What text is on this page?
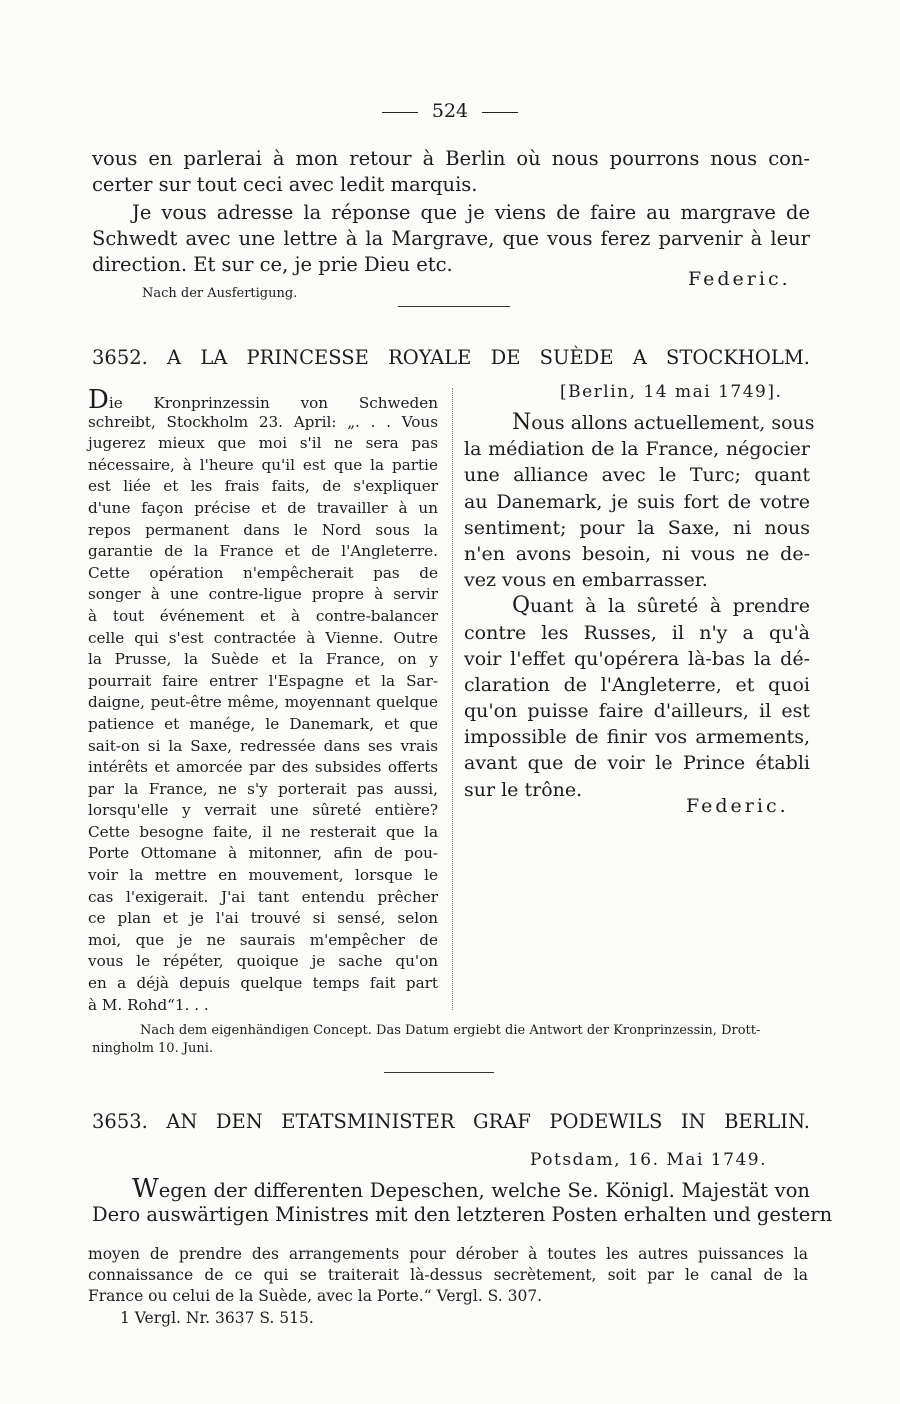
524
vous en parlerai à mon retour à Berlin où nous pourrons nous con-
certer sur tout ceci avec ledit marquis.
Je vous adresse la réponse que je viens de faire au margrave de
Schwedt avec une lettre à la Margrave, que vous ferez parvenir à leur
direction. Et sur ce, je prie Dieu etc.
Federic.
Nach der Ausfertigung.
3652. A LA PRINCESSE ROYALE DE SUÈDE A STOCKHOLM.
Die Kronprinzessin von Schweden
schreibt, Stockholm 23. April: „. . . Vous
jugerez mieux que moi s'il ne sera pas
nécessaire, à l'heure qu'il est que la partie
est liée et les frais faits, de s'expliquer
d'une façon précise et de travailler à un
repos permanent dans le Nord sous la
garantie de la France et de l'Angleterre.
Cette opération n'empêcherait pas de
songer à une contre-ligue propre à servir
à tout événement et à contre-balancer
celle qui s'est contractée à Vienne. Outre
la Prusse, la Suède et la France, on y
pourrait faire entrer l'Espagne et la Sar-
daigne, peut-être même, moyennant quelque
patience et manége, le Danemark, et que
sait-on si la Saxe, redressée dans ses vrais
intérêts et amorcée par des subsides offerts
par la France, ne s'y porterait pas aussi,
lorsqu'elle y verrait une sûreté entière?
Cette besogne faite, il ne resterait que la
Porte Ottomane à mitonner, afin de pou-
voir la mettre en mouvement, lorsque le
cas l'exigerait. J'ai tant entendu prêcher
ce plan et je l'ai trouvé si sensé, selon
moi, que je ne saurais m'empêcher de
vous le répéter, quoique je sache qu'on
en a déjà depuis quelque temps fait part
à M. Rohd“1. . .
[Berlin, 14 mai 1749].
Nous allons actuellement, sous
la médiation de la France, négocier
une alliance avec le Turc; quant
au Danemark, je suis fort de votre
sentiment; pour la Saxe, ni nous
n'en avons besoin, ni vous ne de-
vez vous en embarrasser.
Quant à la sûreté à prendre
contre les Russes, il n'y a qu'à
voir l'effet qu'opérera là-bas la dé-
claration de l'Angleterre, et quoi
qu'on puisse faire d'ailleurs, il est
impossible de finir vos armements,
avant que de voir le Prince établi
sur le trône.
Federic.
Nach dem eigenhändigen Concept. Das Datum ergiebt die Antwort der Kronprinzessin, Drott-
ningholm 10. Juni.
3653. AN DEN ETATSMINISTER GRAF PODEWILS IN BERLIN.
Potsdam, 16. Mai 1749.
Wegen der differenten Depeschen, welche Se. Königl. Majestät von
Dero auswärtigen Ministres mit den letzteren Posten erhalten und gestern
moyen de prendre des arrangements pour dérober à toutes les autres puissances la
connaissance de ce qui se traiterait là-dessus secrètement, soit par le canal de la
France ou celui de la Suède, avec la Porte.“ Vergl. S. 307.
1 Vergl. Nr. 3637 S. 515.
